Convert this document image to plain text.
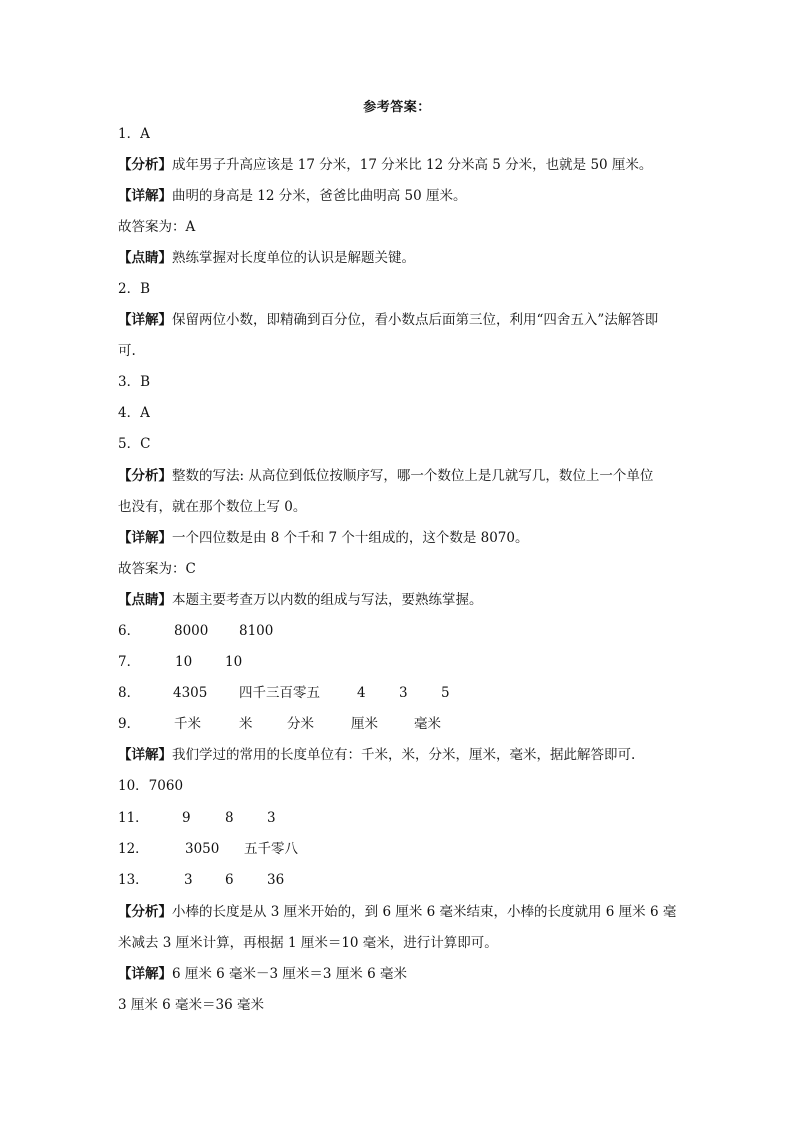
参考答案：
1．A
【分析】成年男子升高应该是 17 分米，17 分米比 12 分米高 5 分米，也就是 50 厘米。
【详解】曲明的身高是 12 分米，爸爸比曲明高 50 厘米。
故答案为：A
【点睛】熟练掌握对长度单位的认识是解题关键。
2．B
【详解】保留两位小数，即精确到百分位，看小数点后面第三位，利用“四舍五入”法解答即
可.
3．B
4．A
5．C
【分析】整数的写法: 从高位到低位按顺序写，哪一个数位上是几就写几，数位上一个单位
也没有，就在那个数位上写 0。
【详解】一个四位数是由 8 个千和 7 个十组成的，这个数是 8070。
故答案为：C
【点睛】本题主要考查万以内数的组成与写法，要熟练掌握。
6．	8000 8100
7．	10 10
8． 4305 四千三百零五	4 3 5
9．	千米	米	分米	厘米	毫米
【详解】我们学过的常用的长度单位有：千米，米，分米，厘米，毫米，据此解答即可.
10．7060
11． 9	8 3
12．	3050 五千零八
13．	3 6 36
【分析】小棒的长度是从 3 厘米开始的，到 6 厘米 6 毫米结束，小棒的长度就用 6 厘米 6 毫
米减去 3 厘米计算，再根据 1 厘米＝10 毫米，进行计算即可。
【详解】6 厘米 6 毫米－3 厘米＝3 厘米 6 毫米
3 厘米 6 毫米＝36 毫米
